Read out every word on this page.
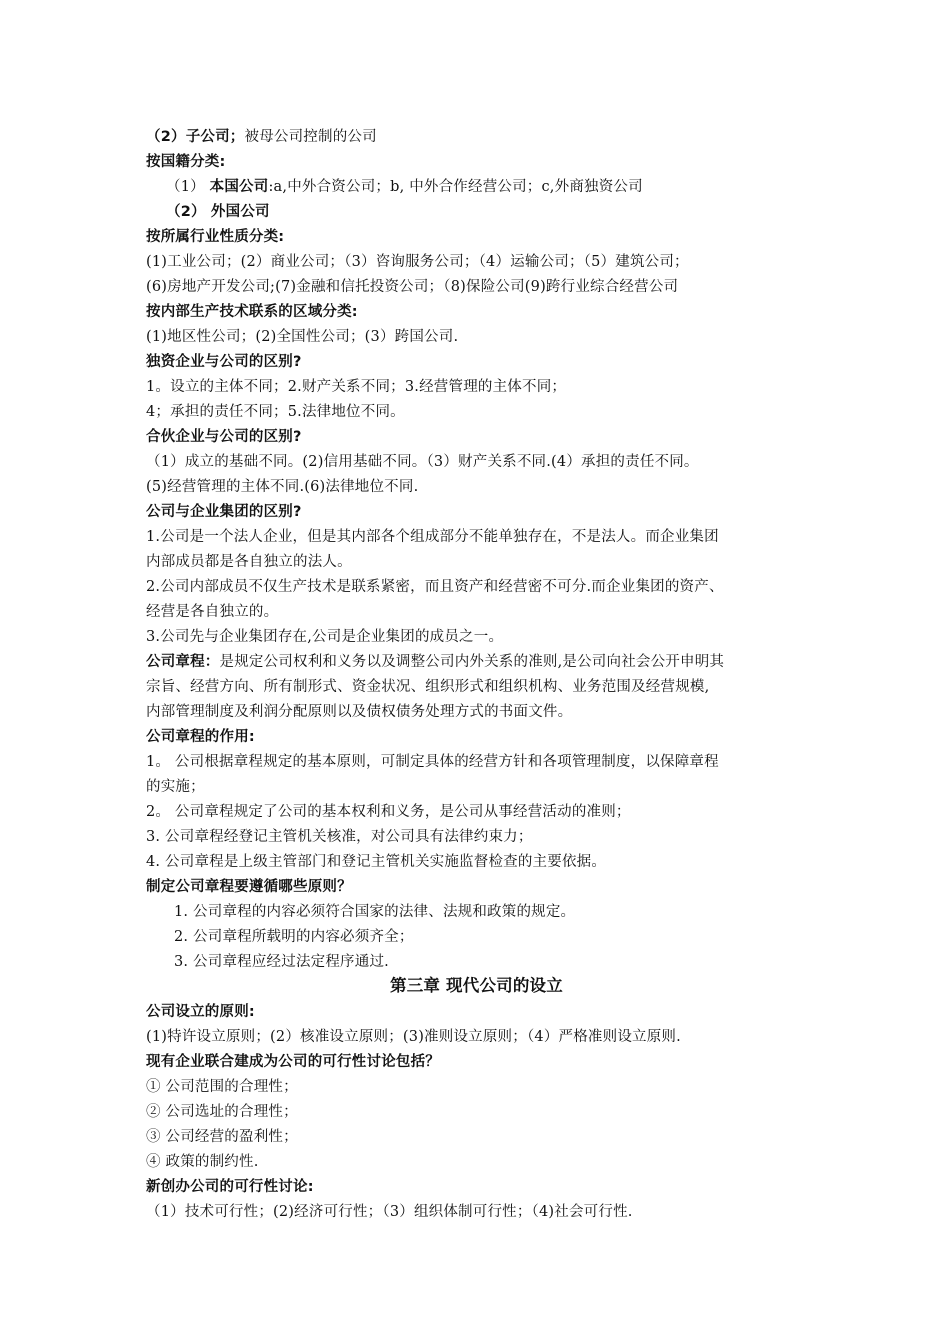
（2）子公司；被母公司控制的公司
按国籍分类:
（1） 本国公司:a,中外合资公司；b, 中外合作经营公司；c,外商独资公司
（2） 外国公司
按所属行业性质分类:
(1)工业公司；(2）商业公司；（3）咨询服务公司；（4）运输公司；（5）建筑公司；
(6)房地产开发公司;(7)金融和信托投资公司；（8)保险公司(9)跨行业综合经营公司
按内部生产技术联系的区域分类:
(1)地区性公司；(2)全国性公司；(3）跨国公司.
独资企业与公司的区别?
1。设立的主体不同；2.财产关系不同；3.经营管理的主体不同；
4；承担的责任不同；5.法律地位不同。
合伙企业与公司的区别?
（1）成立的基础不同。(2)信用基础不同。（3）财产关系不同.(4）承担的责任不同。
(5)经营管理的主体不同.(6)法律地位不同.
公司与企业集团的区别?
1.公司是一个法人企业，但是其内部各个组成部分不能单独存在，不是法人。而企业集团
内部成员都是各自独立的法人。
2.公司内部成员不仅生产技术是联系紧密，而且资产和经营密不可分.而企业集团的资产、
经营是各自独立的。
3.公司先与企业集团存在,公司是企业集团的成员之一。
公司章程：是规定公司权利和义务以及调整公司内外关系的准则,是公司向社会公开申明其
宗旨、经营方向、所有制形式、资金状况、组织形式和组织机构、业务范围及经营规模,
内部管理制度及利润分配原则以及债权债务处理方式的书面文件。
公司章程的作用:
1。 公司根据章程规定的基本原则，可制定具体的经营方针和各项管理制度，以保障章程
的实施；
2。 公司章程规定了公司的基本权利和义务，是公司从事经营活动的准则；
3. 公司章程经登记主管机关核准，对公司具有法律约束力；
4. 公司章程是上级主管部门和登记主管机关实施监督检查的主要依据。
制定公司章程要遵循哪些原则？
1. 公司章程的内容必须符合国家的法律、法规和政策的规定。
2. 公司章程所载明的内容必须齐全；
3. 公司章程应经过法定程序通过.
第三章 现代公司的设立
公司设立的原则:
(1)特许设立原则；(2）核准设立原则；(3)准则设立原则；（4）严格准则设立原则.
现有企业联合建成为公司的可行性讨论包括？
① 公司范围的合理性；
② 公司选址的合理性；
③ 公司经营的盈利性；
④ 政策的制约性.
新创办公司的可行性讨论:
（1）技术可行性；(2)经济可行性；（3）组织体制可行性；（4)社会可行性.
